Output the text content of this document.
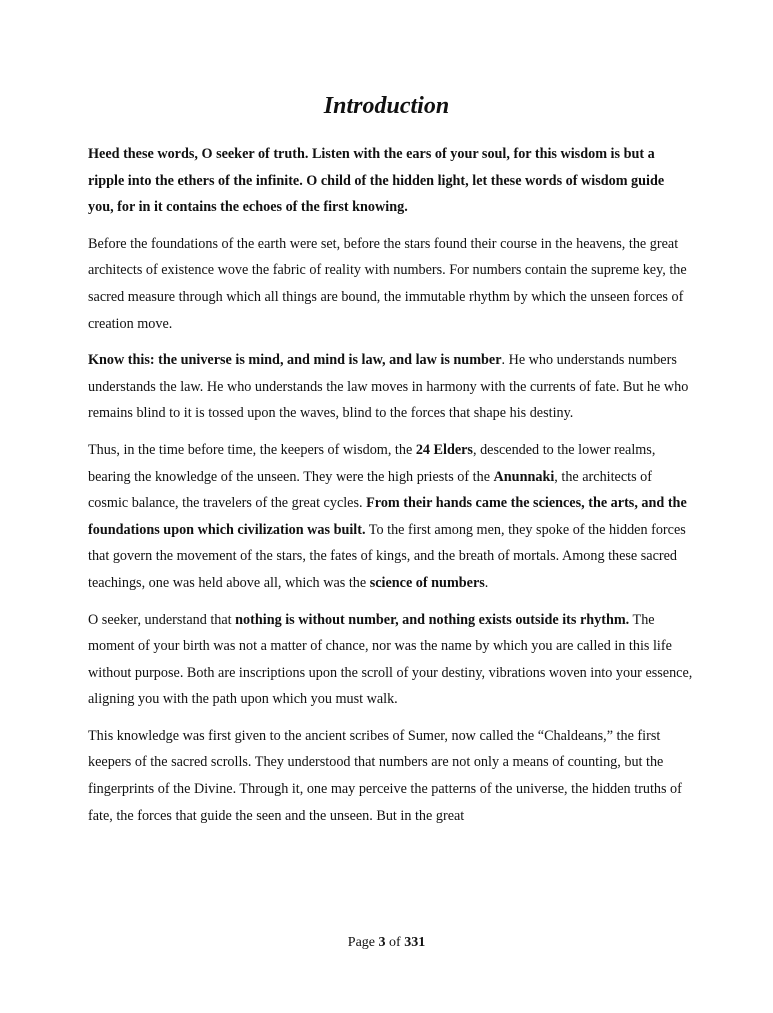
Introduction

Heed these words, O seeker of truth. Listen with the ears of your soul, for this wisdom is but a ripple into the ethers of the infinite. O child of the hidden light, let these words of wisdom guide you, for in it contains the echoes of the first knowing.

Before the foundations of the earth were set, before the stars found their course in the heavens, the great architects of existence wove the fabric of reality with numbers. For numbers contain the supreme key, the sacred measure through which all things are bound, the immutable rhythm by which the unseen forces of creation move.

Know this: the universe is mind, and mind is law, and law is number. He who understands numbers understands the law. He who understands the law moves in harmony with the currents of fate. But he who remains blind to it is tossed upon the waves, blind to the forces that shape his destiny.

Thus, in the time before time, the keepers of wisdom, the 24 Elders, descended to the lower realms, bearing the knowledge of the unseen. They were the high priests of the Anunnaki, the architects of cosmic balance, the travelers of the great cycles. From their hands came the sciences, the arts, and the foundations upon which civilization was built. To the first among men, they spoke of the hidden forces that govern the movement of the stars, the fates of kings, and the breath of mortals. Among these sacred teachings, one was held above all, which was the science of numbers.

O seeker, understand that nothing is without number, and nothing exists outside its rhythm. The moment of your birth was not a matter of chance, nor was the name by which you are called in this life without purpose. Both are inscriptions upon the scroll of your destiny, vibrations woven into your essence, aligning you with the path upon which you must walk.

This knowledge was first given to the ancient scribes of Sumer, now called the “Chaldeans,” the first keepers of the sacred scrolls. They understood that numbers are not only a means of counting, but the fingerprints of the Divine. Through it, one may perceive the patterns of the universe, the hidden truths of fate, the forces that guide the seen and the unseen. But in the great

Page 3 of 331
